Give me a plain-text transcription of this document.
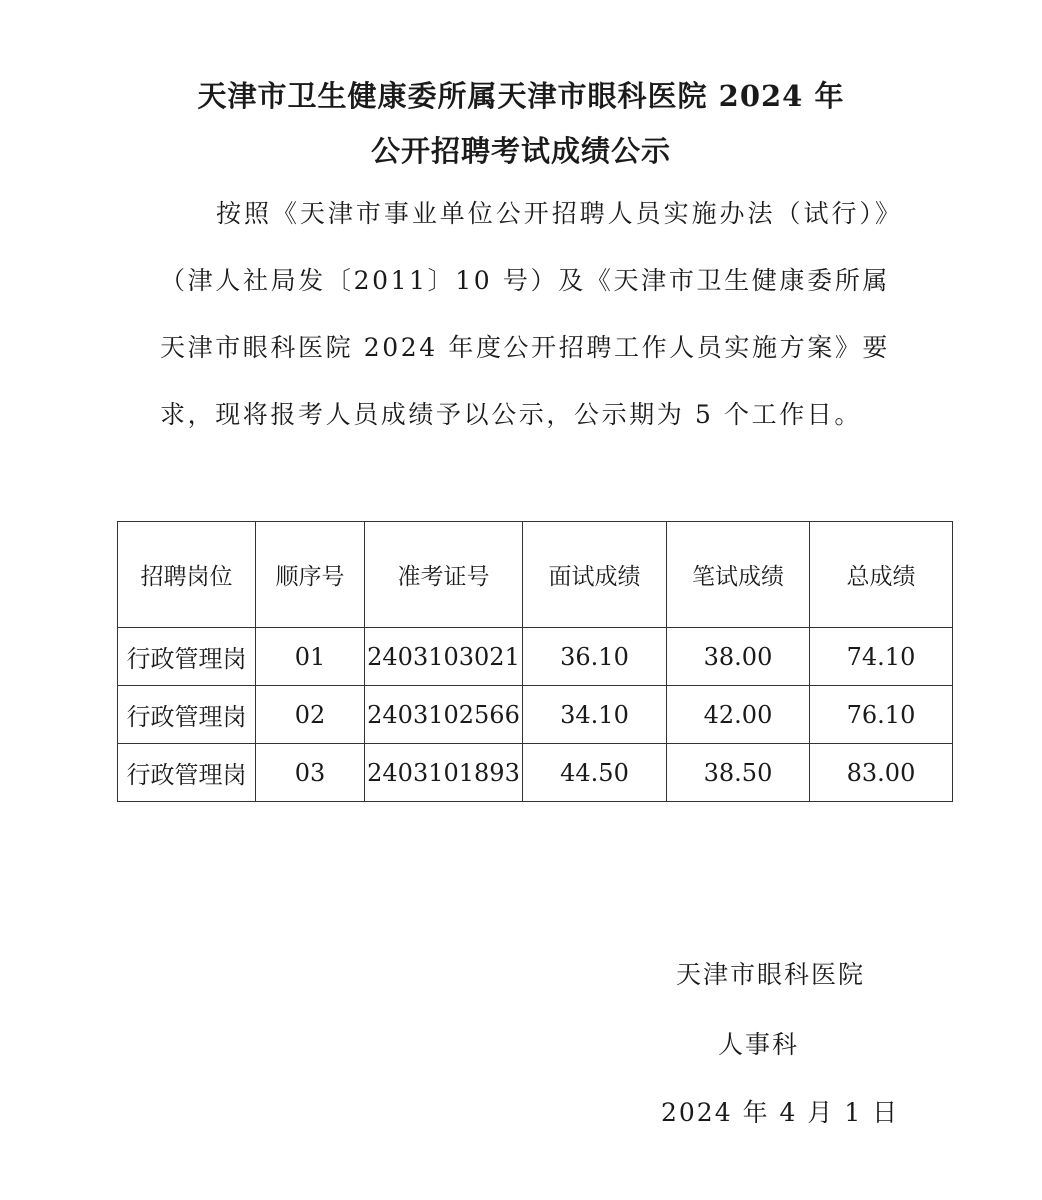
天津市卫生健康委所属天津市眼科医院 2024 年
公开招聘考试成绩公示
按照《天津市事业单位公开招聘人员实施办法（试行）》（津人社局发〔2011〕10 号）及《天津市卫生健康委所属天津市眼科医院 2024 年度公开招聘工作人员实施方案》要求，现将报考人员成绩予以公示，公示期为 5 个工作日。
招聘岗位	顺序号	准考证号	面试成绩	笔试成绩	总成绩
行政管理岗	01	2403103021	36.10	38.00	74.10
行政管理岗	02	2403102566	34.10	42.00	76.10
行政管理岗	03	2403101893	44.50	38.50	83.00
天津市眼科医院
人事科
2024 年 4 月 1 日
